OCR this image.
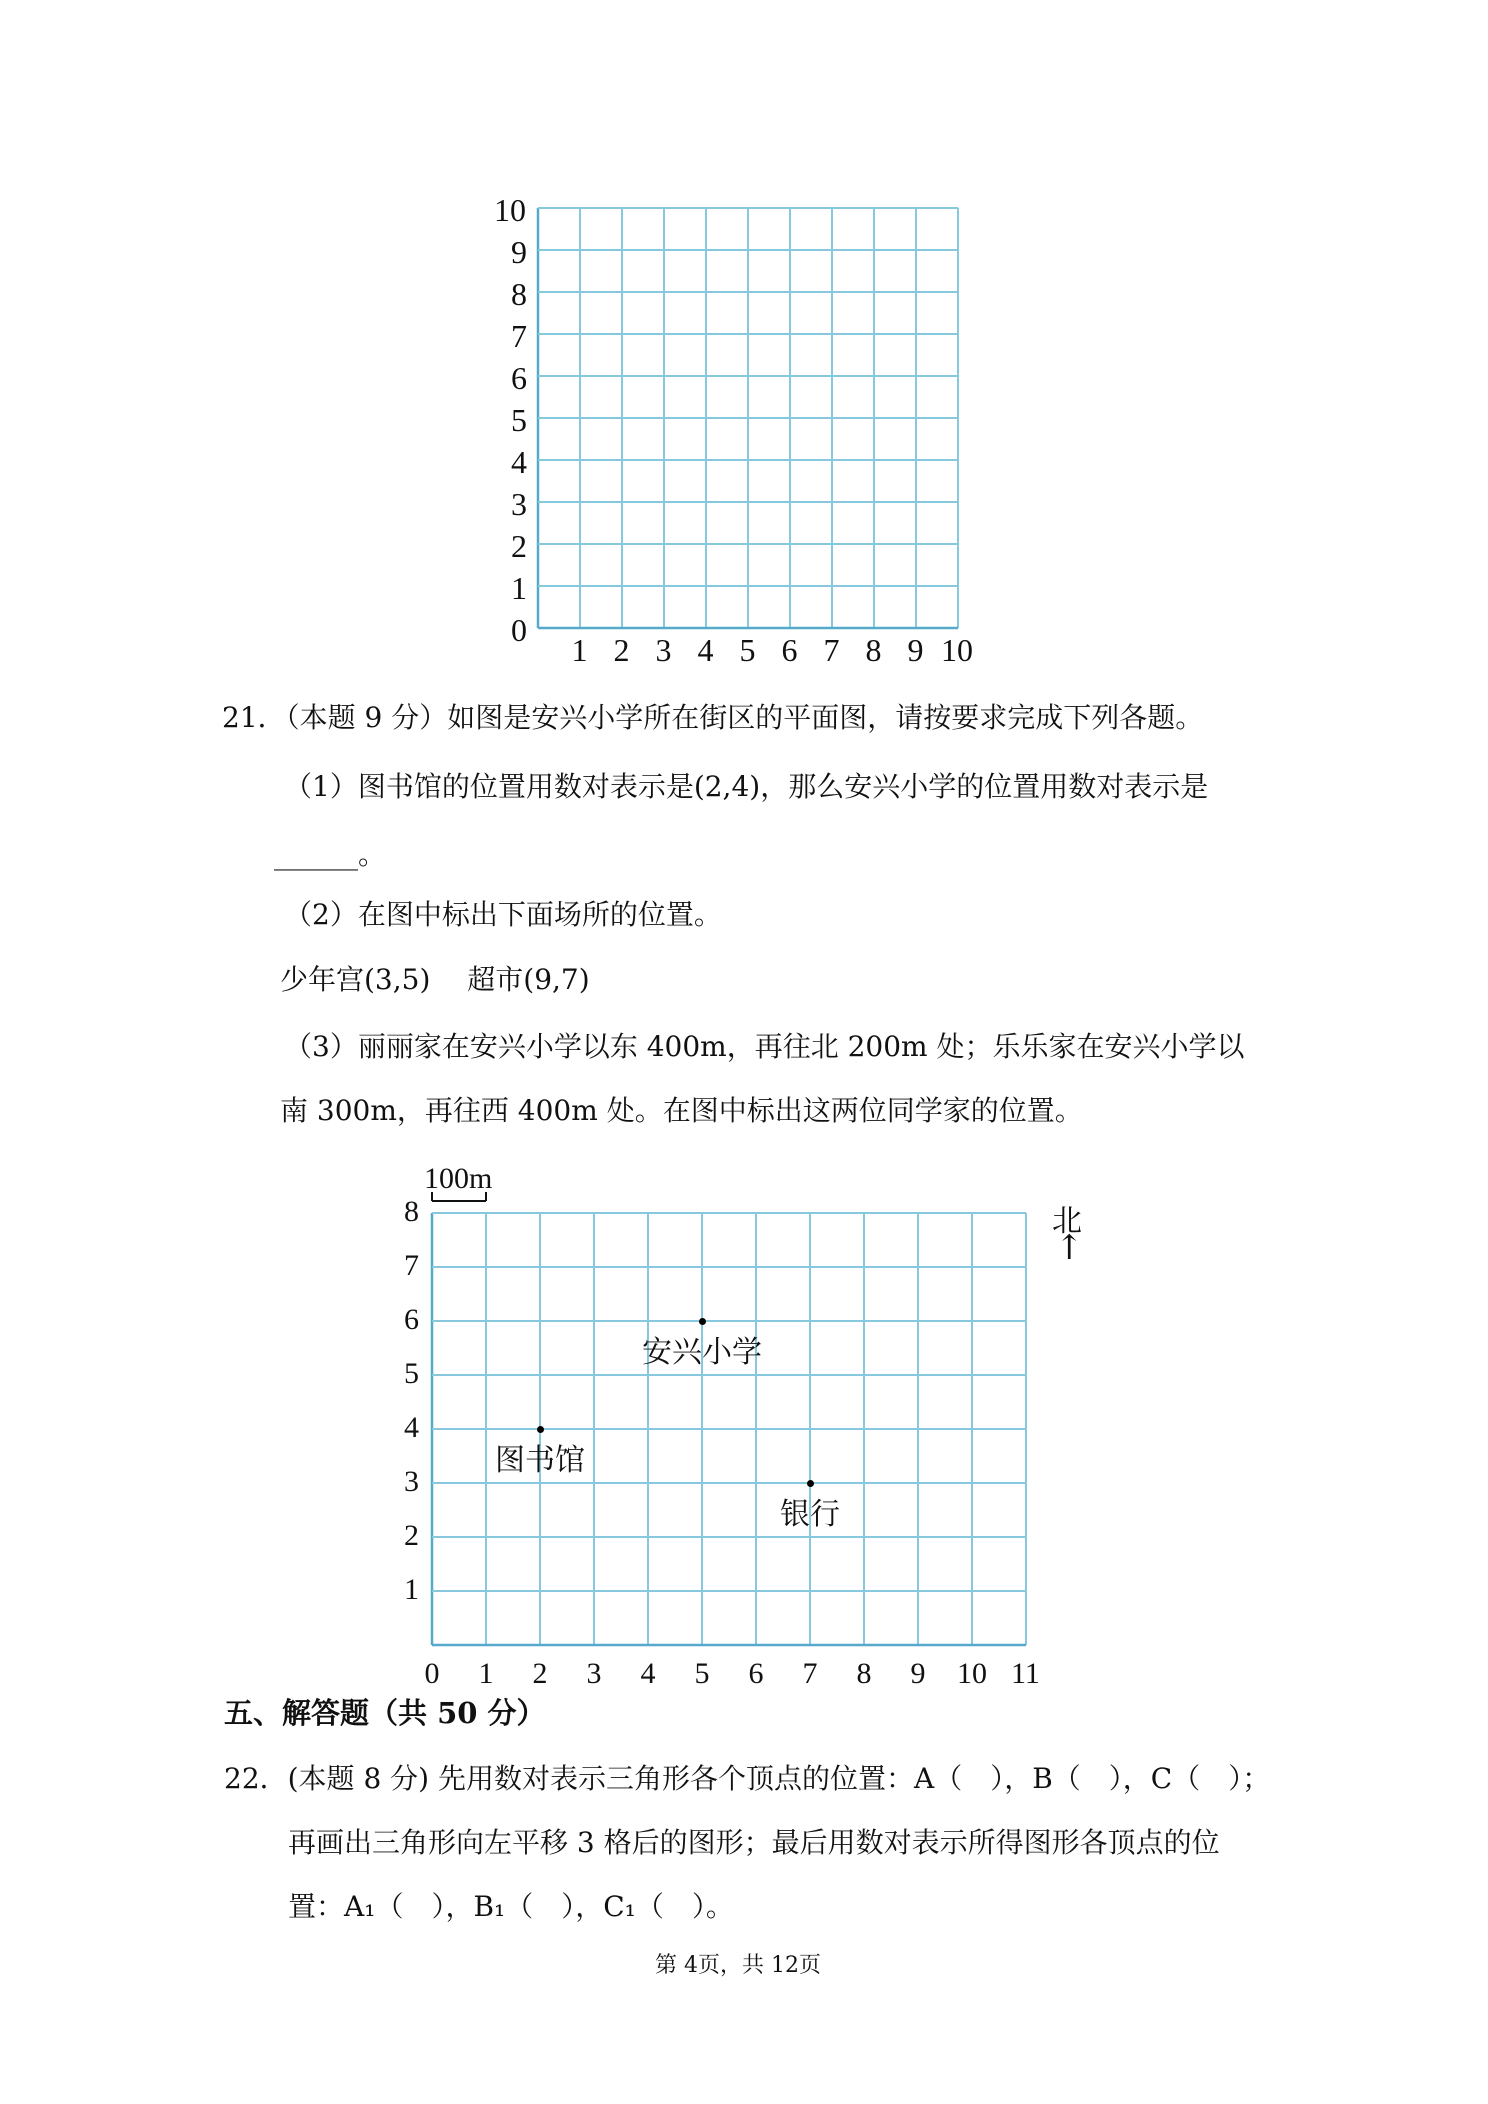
10
9
8
7
6
5
4
3
2
1
0
1 2 3 4 5 6 7 8 9 10
21．（本题 9 分）如图是安兴小学所在街区的平面图，请按要求完成下列各题。
（1）图书馆的位置用数对表示是(2,4)，那么安兴小学的位置用数对表示是
______。
（2）在图中标出下面场所的位置。
少年宫(3,5)　 超市(9,7)
（3）丽丽家在安兴小学以东 400m，再往北 200m 处；乐乐家在安兴小学以
南 300m，再往西 400m 处。在图中标出这两位同学家的位置。
100m
北
↑
8
7
6
5
4
3
2
1
0 1 2 3 4 5 6 7 8 9 10 11
安兴小学
图书馆
银行
五、解答题（共 50 分）
22．(本题 8 分) 先用数对表示三角形各个顶点的位置：A（　），B（　），C（　）；
再画出三角形向左平移 3 格后的图形；最后用数对表示所得图形各顶点的位
置：A₁（　），B₁（　），C₁（　）。
第 4页，共 12页
